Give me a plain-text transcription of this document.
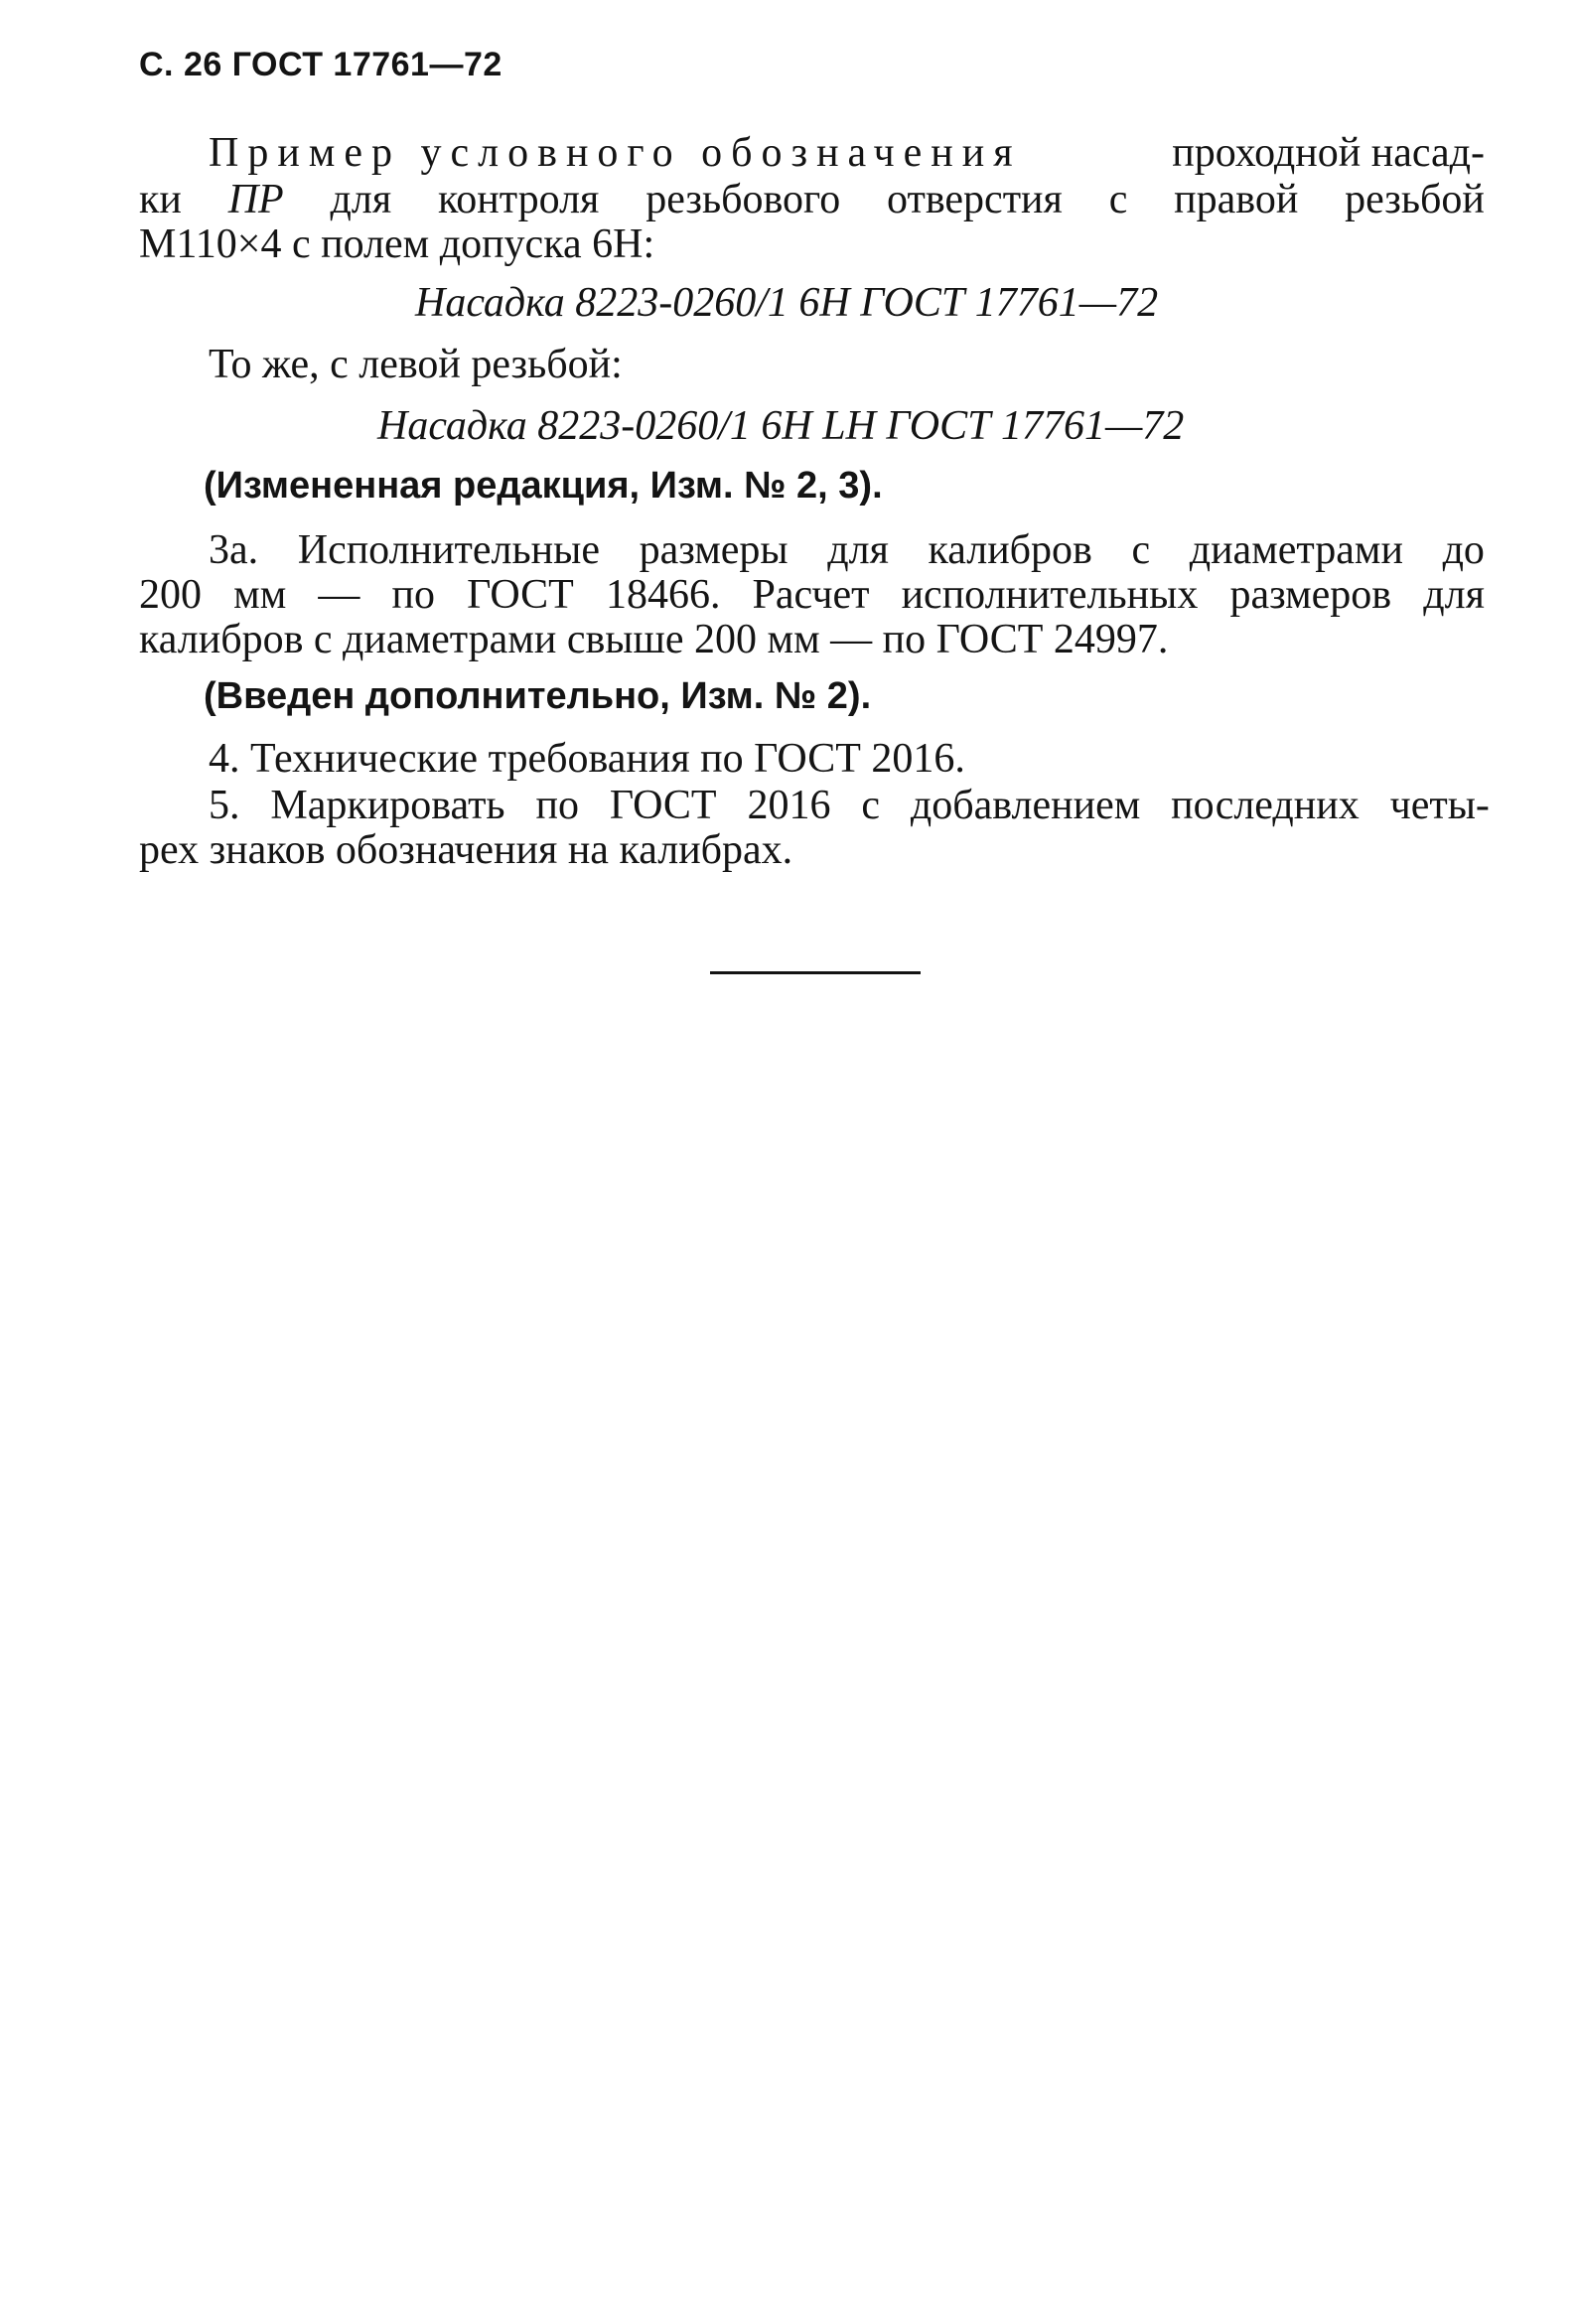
С. 26 ГОСТ 17761—72
Пример условного обозначения	проходной насад-
ки ПР для контроля резьбового отверстия с правой резьбой
М110×4 с полем допуска 6Н:
Насадка 8223-0260/1 6Н ГОСТ 17761—72
То же, с левой резьбой:
Насадка 8223-0260/1 6Н LН ГОСТ 17761—72
(Измененная редакция, Изм. № 2, 3).
3а. Исполнительные размеры для калибров с диаметрами до
200 мм — по ГОСТ 18466. Расчет исполнительных размеров для
калибров с диаметрами свыше 200 мм — по ГОСТ 24997.
(Введен дополнительно, Изм. № 2).
4. Технические требования по ГОСТ 2016.
5. Маркировать по ГОСТ 2016 с добавлением последних четы-
рех знаков обозначения на калибрах.
